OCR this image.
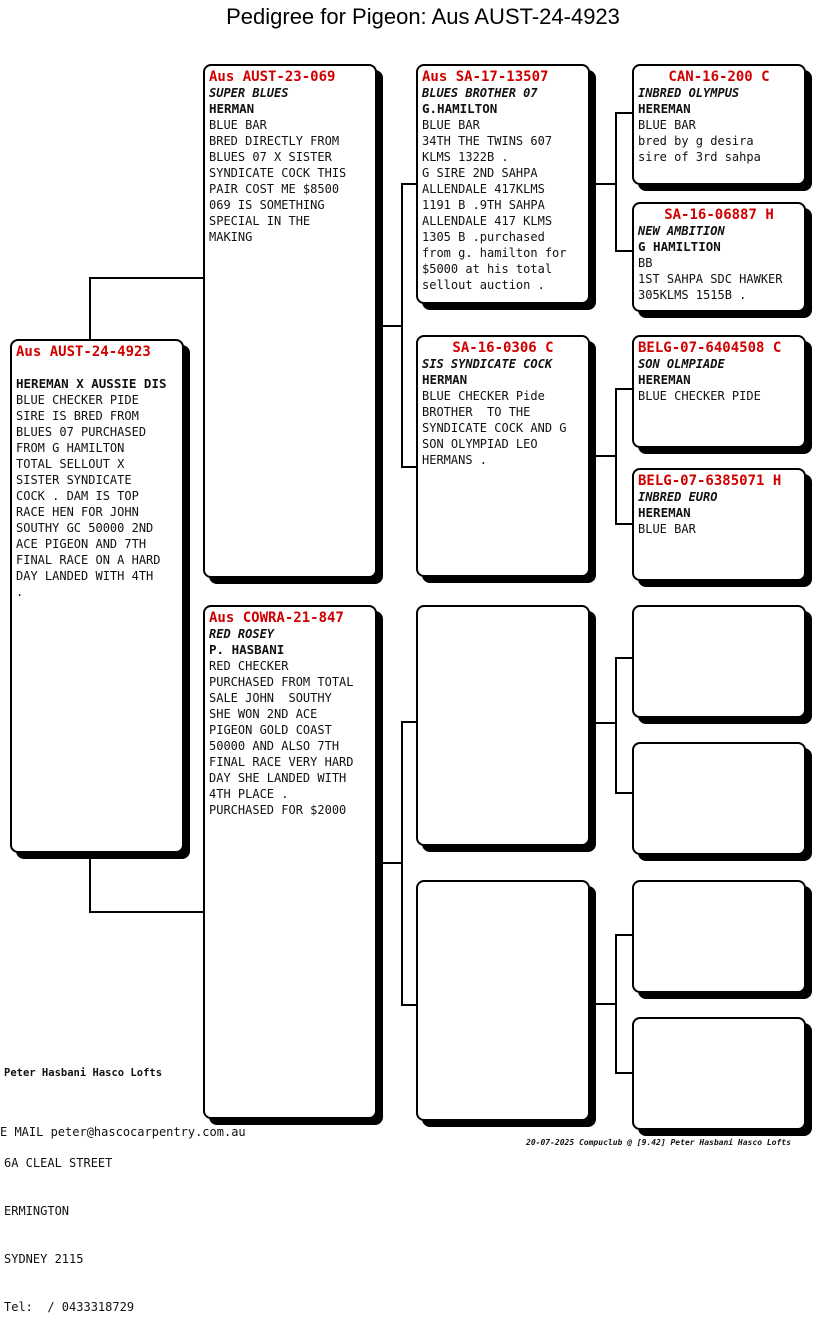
Pedigree for Pigeon: Aus AUST-24-4923
Aus AUST-24-4923
HEREMAN X AUSSIE DIS
BLUE CHECKER PIDE
SIRE IS BRED FROM
BLUES 07 PURCHASED
FROM G HAMILTON
TOTAL SELLOUT X
SISTER SYNDICATE
COCK . DAM IS TOP
RACE HEN FOR JOHN
SOUTHY GC 50000 2ND
ACE PIGEON AND 7TH
FINAL RACE ON A HARD
DAY LANDED WITH 4TH
.
Aus AUST-23-069
SUPER BLUES
HERMAN
BLUE BAR
BRED DIRECTLY FROM
BLUES 07 X SISTER
SYNDICATE COCK THIS
PAIR COST ME $8500
069 IS SOMETHING
SPECIAL IN THE
MAKING
Aus COWRA-21-847
RED ROSEY
P. HASBANI
RED CHECKER
PURCHASED FROM TOTAL
SALE JOHN  SOUTHY
SHE WON 2ND ACE
PIGEON GOLD COAST
50000 AND ALSO 7TH
FINAL RACE VERY HARD
DAY SHE LANDED WITH
4TH PLACE .
PURCHASED FOR $2000
Aus SA-17-13507
BLUES BROTHER 07
G.HAMILTON
BLUE BAR
34TH THE TWINS 607
KLMS 1322B .
G SIRE 2ND SAHPA
ALLENDALE 417KLMS
1191 B .9TH SAHPA
ALLENDALE 417 KLMS
1305 B .purchased
from g. hamilton for
$5000 at his total
sellout auction .
SA-16-0306 C
SIS SYNDICATE COCK
HERMAN
BLUE CHECKER Pide
BROTHER  TO THE
SYNDICATE COCK AND G
SON OLYMPIAD LEO
HERMANS .
CAN-16-200 C
INBRED OLYMPUS
HEREMAN
BLUE BAR
bred by g desira
sire of 3rd sahpa
SA-16-06887 H
NEW AMBITION
G HAMILTION
BB
1ST SAHPA SDC HAWKER
305KLMS 1515B .
BELG-07-6404508 C
SON OLMPIADE
HEREMAN
BLUE CHECKER PIDE
BELG-07-6385071 H
INBRED EURO
HEREMAN
BLUE BAR

Peter Hasbani Hasco Lofts

6A CLEAL STREET

ERMINGTON

SYDNEY 2115

Tel:  / 0433318729

E MAIL peter@hascocarpentry.com.au
20-07-2025 Compuclub @ [9.42] Peter Hasbani Hasco Lofts
